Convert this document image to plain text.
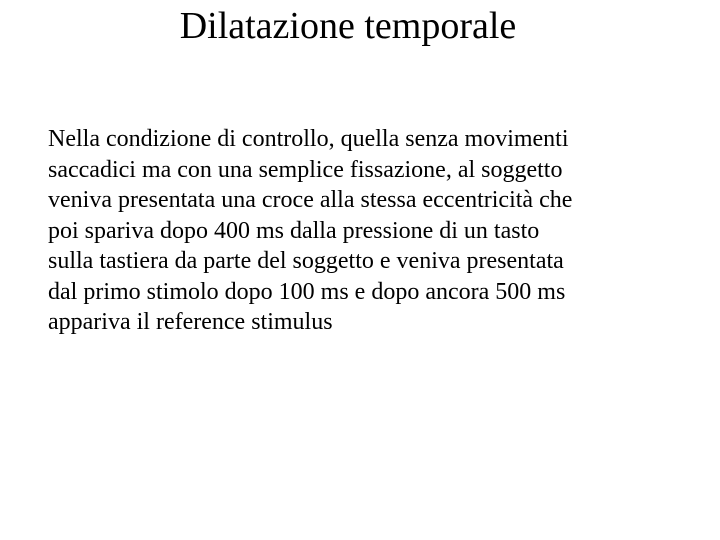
Dilatazione temporale
Nella condizione di controllo, quella senza movimenti
saccadici ma con una semplice fissazione, al soggetto
veniva presentata una croce alla stessa eccentricità che
poi spariva dopo 400 ms dalla pressione di un tasto
sulla tastiera da parte del soggetto e veniva presentata
dal primo stimolo dopo 100 ms e dopo ancora 500 ms
appariva il reference stimulus
